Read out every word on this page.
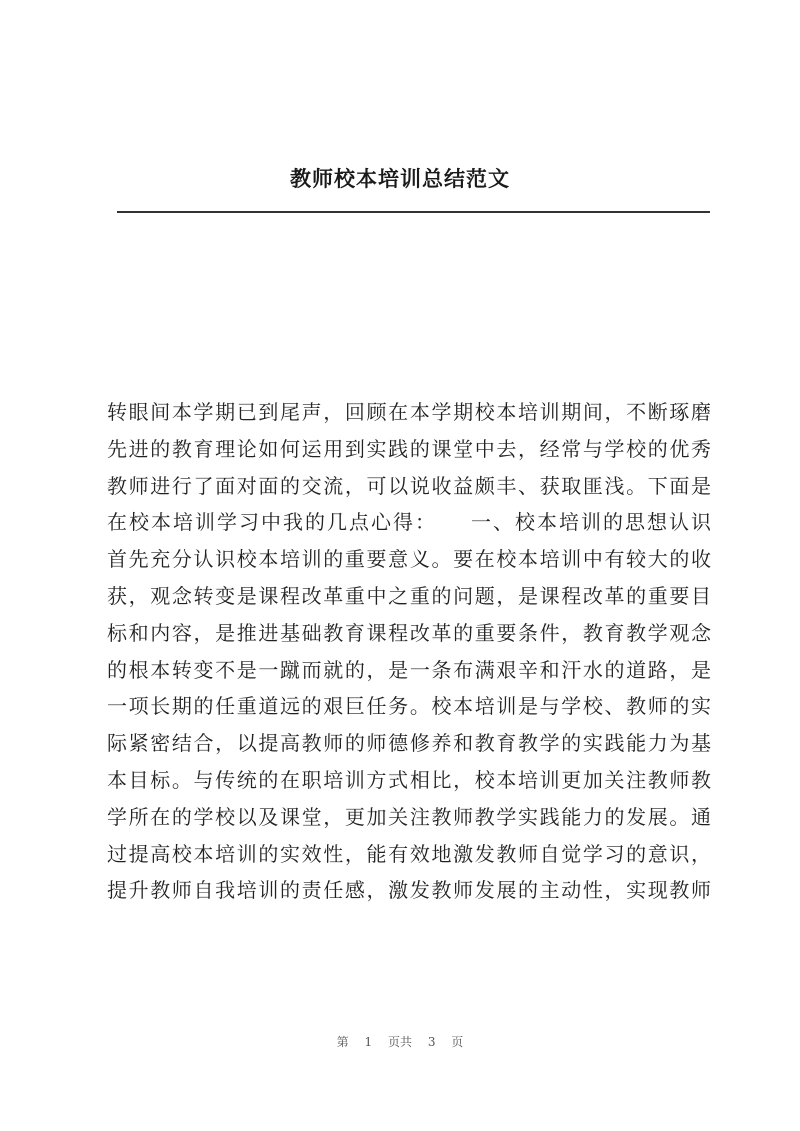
教师校本培训总结范文
转眼间本学期已到尾声，回顾在本学期校本培训期间，不断琢磨
先进的教育理论如何运用到实践的课堂中去，经常与学校的优秀
教师进行了面对面的交流，可以说收益颇丰、获取匪浅。下面是
在校本培训学习中我的几点心得：　　一、校本培训的思想认识
首先充分认识校本培训的重要意义。要在校本培训中有较大的收
获，观念转变是课程改革重中之重的问题，是课程改革的重要目
标和内容，是推进基础教育课程改革的重要条件，教育教学观念
的根本转变不是一蹴而就的，是一条布满艰辛和汗水的道路，是
一项长期的任重道远的艰巨任务。校本培训是与学校、教师的实
际紧密结合，以提高教师的师德修养和教育教学的实践能力为基
本目标。与传统的在职培训方式相比，校本培训更加关注教师教
学所在的学校以及课堂，更加关注教师教学实践能力的发展。通
过提高校本培训的实效性，能有效地激发教师自觉学习的意识，
提升教师自我培训的责任感，激发教师发展的主动性，实现教师
第 1 页共 3 页
